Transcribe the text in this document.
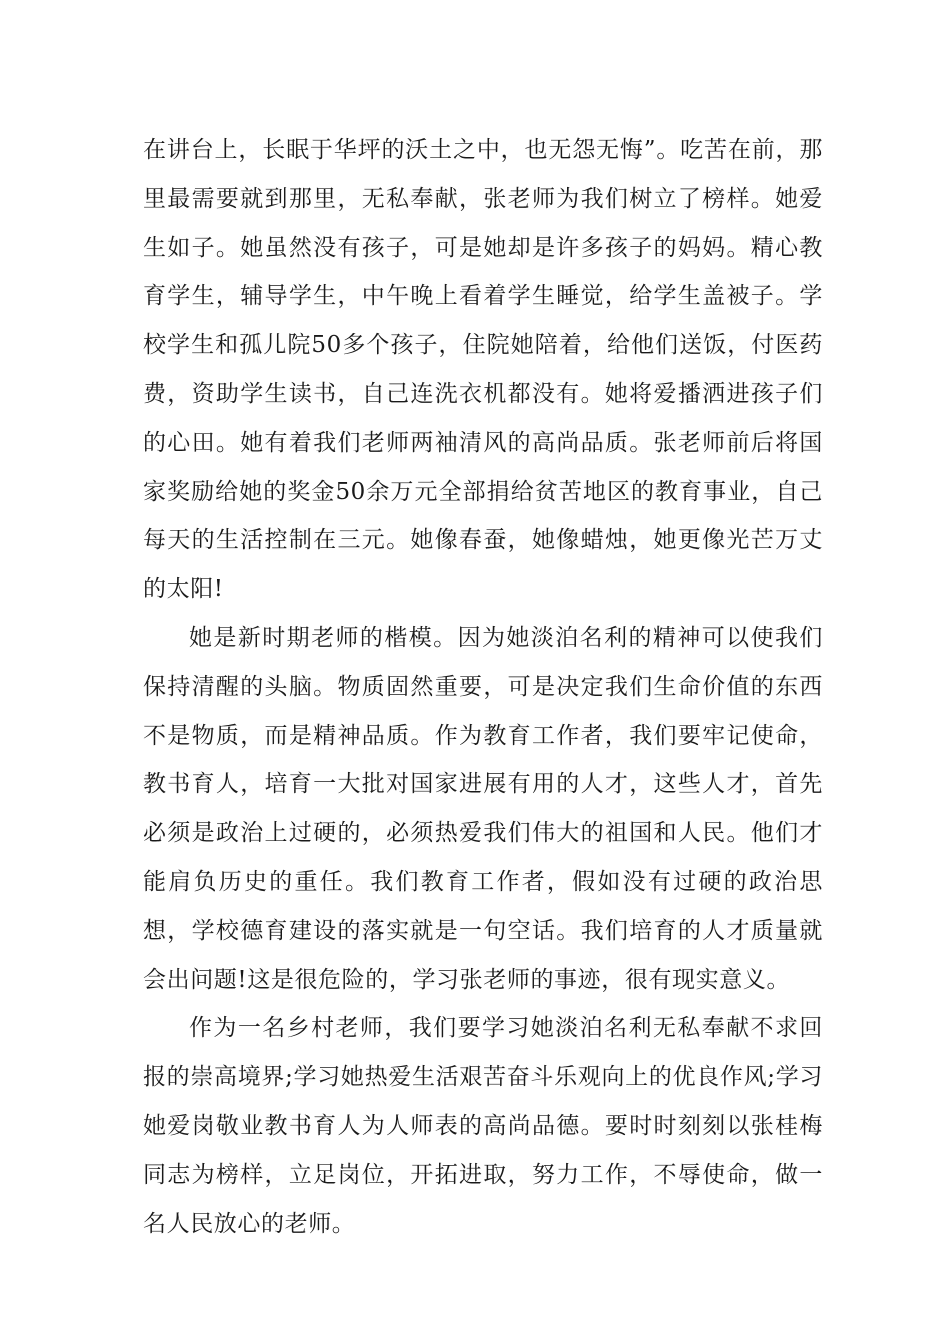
在讲台上，长眠于华坪的沃土之中，也无怨无悔”。吃苦在前，那里最需要就到那里，无私奉献，张老师为我们树立了榜样。她爱生如子。她虽然没有孩子，可是她却是许多孩子的妈妈。精心教育学生，辅导学生，中午晚上看着学生睡觉，给学生盖被子。学校学生和孤儿院50多个孩子，住院她陪着，给他们送饭，付医药费，资助学生读书，自己连洗衣机都没有。她将爱播洒进孩子们的心田。她有着我们老师两袖清风的高尚品质。张老师前后将国家奖励给她的奖金50余万元全部捐给贫苦地区的教育事业，自己每天的生活控制在三元。她像春蚕，她像蜡烛，她更像光芒万丈的太阳!

她是新时期老师的楷模。因为她淡泊名利的精神可以使我们保持清醒的头脑。物质固然重要，可是决定我们生命价值的东西不是物质，而是精神品质。作为教育工作者，我们要牢记使命，教书育人，培育一大批对国家进展有用的人才，这些人才，首先必须是政治上过硬的，必须热爱我们伟大的祖国和人民。他们才能肩负历史的重任。我们教育工作者，假如没有过硬的政治思想，学校德育建设的落实就是一句空话。我们培育的人才质量就会出问题!这是很危险的，学习张老师的事迹，很有现实意义。

作为一名乡村老师，我们要学习她淡泊名利无私奉献不求回报的崇高境界;学习她热爱生活艰苦奋斗乐观向上的优良作风;学习她爱岗敬业教书育人为人师表的高尚品德。要时时刻刻以张桂梅同志为榜样，立足岗位，开拓进取，努力工作，不辱使命，做一名人民放心的老师。
